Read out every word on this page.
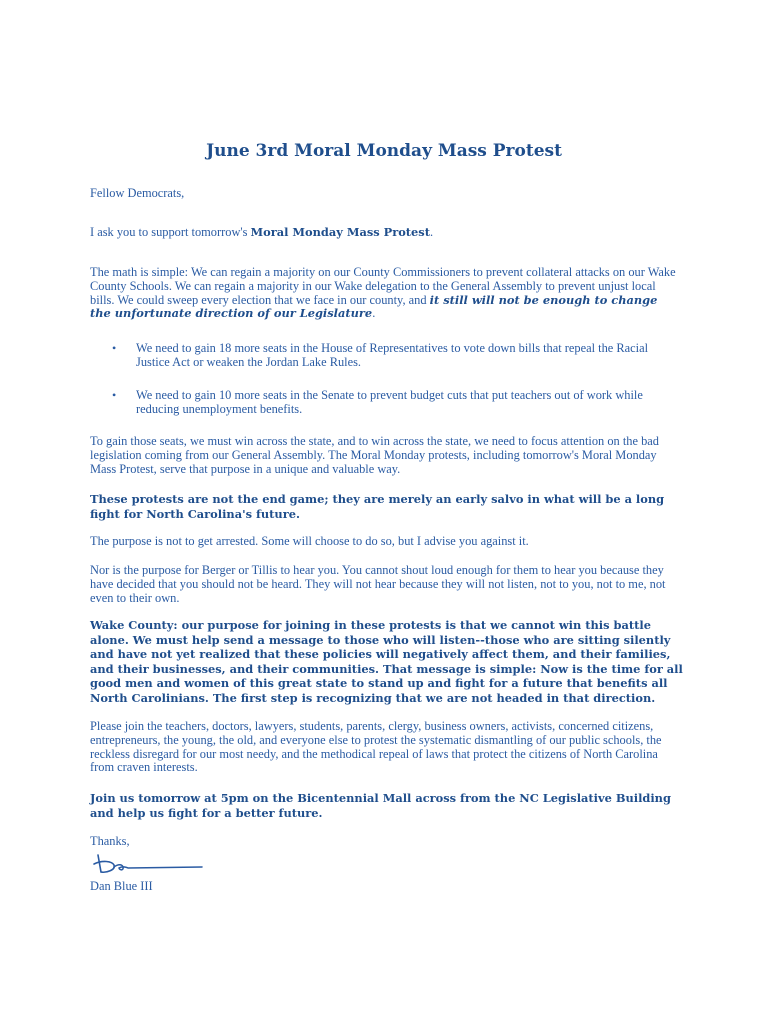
June 3rd Moral Monday Mass Protest

Fellow Democrats,

I ask you to support tomorrow's Moral Monday Mass Protest.

The math is simple: We can regain a majority on our County Commissioners to prevent collateral attacks on our Wake County Schools. We can regain a majority in our Wake delegation to the General Assembly to prevent unjust local bills. We could sweep every election that we face in our county, and it still will not be enough to change the unfortunate direction of our Legislature.

• We need to gain 18 more seats in the House of Representatives to vote down bills that repeal the Racial Justice Act or weaken the Jordan Lake Rules.
• We need to gain 10 more seats in the Senate to prevent budget cuts that put teachers out of work while reducing unemployment benefits.

To gain those seats, we must win across the state, and to win across the state, we need to focus attention on the bad legislation coming from our General Assembly. The Moral Monday protests, including tomorrow's Moral Monday Mass Protest, serve that purpose in a unique and valuable way.

These protests are not the end game; they are merely an early salvo in what will be a long fight for North Carolina's future.

The purpose is not to get arrested. Some will choose to do so, but I advise you against it.

Nor is the purpose for Berger or Tillis to hear you. You cannot shout loud enough for them to hear you because they have decided that you should not be heard. They will not hear because they will not listen, not to you, not to me, not even to their own.

Wake County: our purpose for joining in these protests is that we cannot win this battle alone. We must help send a message to those who will listen--those who are sitting silently and have not yet realized that these policies will negatively affect them, and their families, and their businesses, and their communities. That message is simple: Now is the time for all good men and women of this great state to stand up and fight for a future that benefits all North Carolinians. The first step is recognizing that we are not headed in that direction.

Please join the teachers, doctors, lawyers, students, parents, clergy, business owners, activists, concerned citizens, entrepreneurs, the young, the old, and everyone else to protest the systematic dismantling of our public schools, the reckless disregard for our most needy, and the methodical repeal of laws that protect the citizens of North Carolina from craven interests.

Join us tomorrow at 5pm on the Bicentennial Mall across from the NC Legislative Building and help us fight for a better future.

Thanks,

Dan Blue III
